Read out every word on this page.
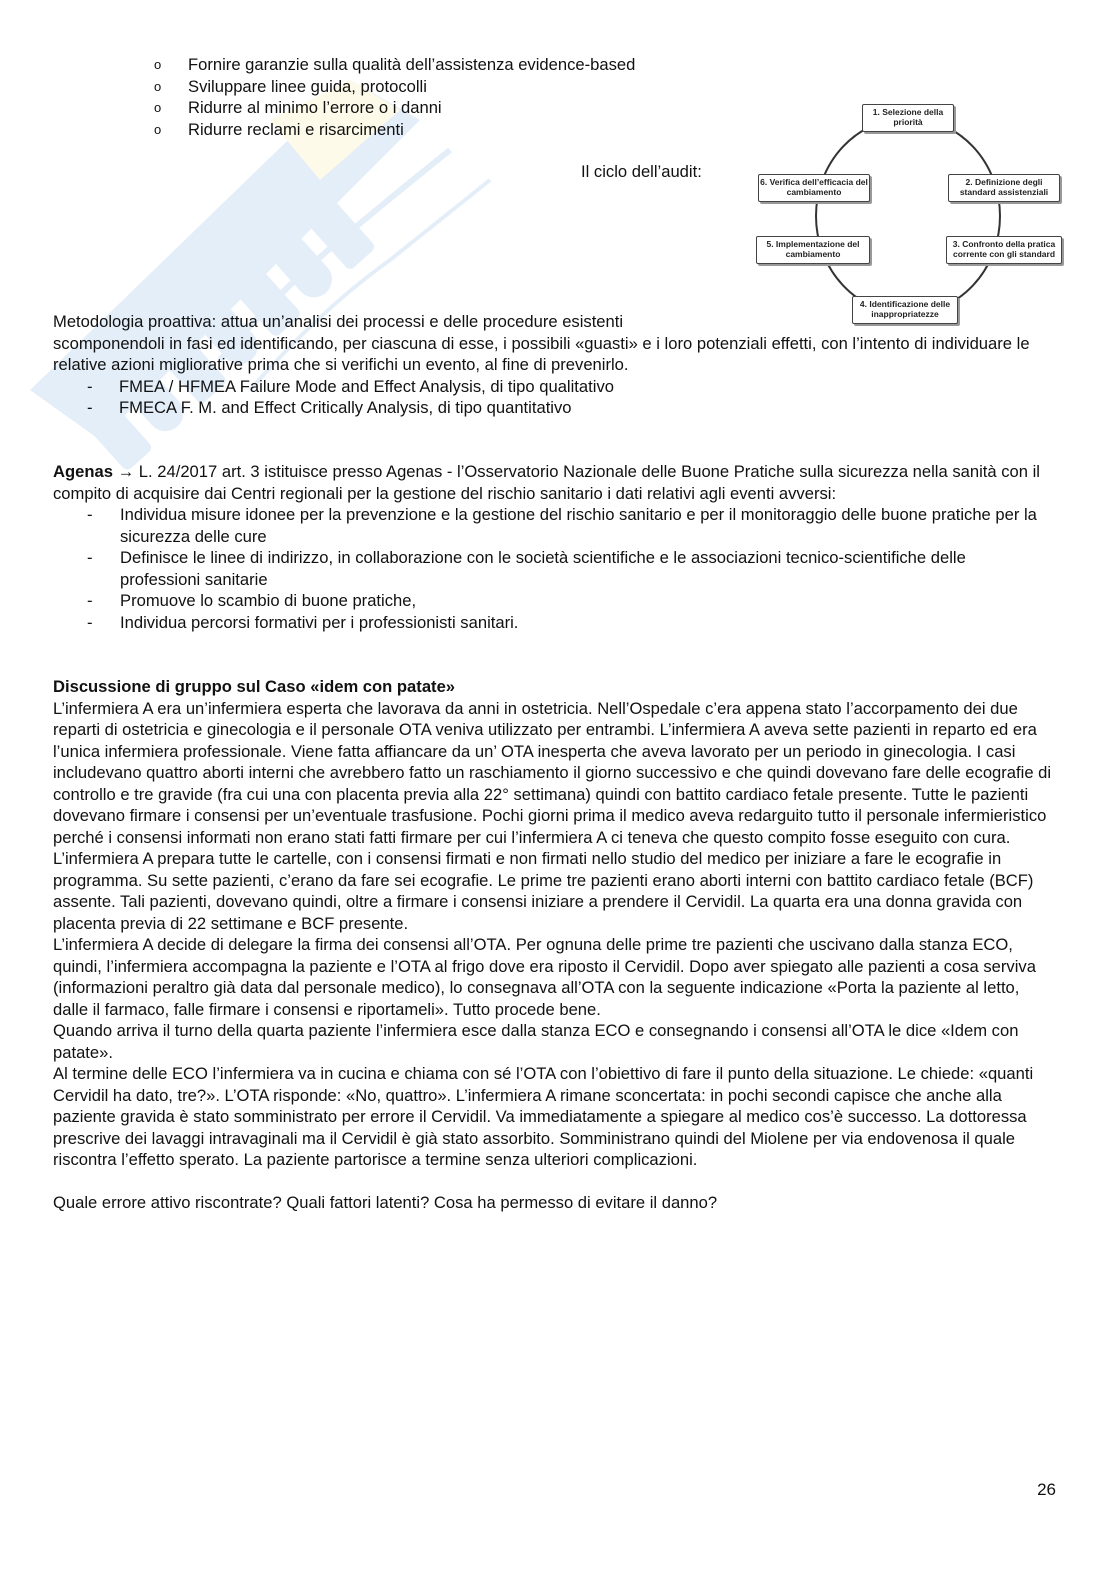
o Fornire garanzie sulla qualità dell’assistenza evidence-based
o Sviluppare linee guida, protocolli
o Ridurre al minimo l’errore o i danni
o Ridurre reclami e risarcimenti
Il ciclo dell’audit:
1. Selezione della priorità
2. Definizione degli standard assistenziali
3. Confronto della pratica corrente con gli standard
4. Identificazione delle inappropriatezze
5. Implementazione del cambiamento
6. Verifica dell’efficacia del cambiamento

Metodologia proattiva: attua un’analisi dei processi e delle procedure esistenti

scomponendoli in fasi ed identificando, per ciascuna di esse, i possibili «guasti» e i loro potenziali effetti, con l’intento di individuare le relative azioni migliorative prima che si verifichi un evento, al fine di prevenirlo.

- FMEA / HFMEA Failure Mode and Effect Analysis, di tipo qualitativo
- FMECA F. M. and Effect Critically Analysis, di tipo quantitativo

Agenas → L. 24/2017 art. 3 istituisce presso Agenas - l’Osservatorio Nazionale delle Buone Pratiche sulla sicurezza nella sanità con il compito di acquisire dai Centri regionali per la gestione del rischio sanitario i dati relativi agli eventi avversi:

- Individua misure idonee per la prevenzione e la gestione del rischio sanitario e per il monitoraggio delle buone pratiche per la sicurezza delle cure
- Definisce le linee di indirizzo, in collaborazione con le società scientifiche e le associazioni tecnico-scientifiche delle professioni sanitarie
- Promuove lo scambio di buone pratiche,
- Individua percorsi formativi per i professionisti sanitari.

Discussione di gruppo sul Caso «idem con patate»

L’infermiera A era un’infermiera esperta che lavorava da anni in ostetricia. Nell’Ospedale c’era appena stato l’accorpamento dei due reparti di ostetricia e ginecologia e il personale OTA veniva utilizzato per entrambi. L’infermiera A aveva sette pazienti in reparto ed era l’unica infermiera professionale. Viene fatta affiancare da un’ OTA inesperta che aveva lavorato per un periodo in ginecologia. I casi includevano quattro aborti interni che avrebbero fatto un raschiamento il giorno successivo e che quindi dovevano fare delle ecografie di controllo e tre gravide (fra cui una con placenta previa alla 22° settimana) quindi con battito cardiaco fetale presente. Tutte le pazienti dovevano firmare i consensi per un’eventuale trasfusione. Pochi giorni prima il medico aveva redarguito tutto il personale infermieristico perché i consensi informati non erano stati fatti firmare per cui l’infermiera A ci teneva che questo compito fosse eseguito con cura. L’infermiera A prepara tutte le cartelle, con i consensi firmati e non firmati nello studio del medico per iniziare a fare le ecografie in programma. Su sette pazienti, c’erano da fare sei ecografie. Le prime tre pazienti erano aborti interni con battito cardiaco fetale (BCF) assente. Tali pazienti, dovevano quindi, oltre a firmare i consensi iniziare a prendere il Cervidil. La quarta era una donna gravida con placenta previa di 22 settimane e BCF presente.

L’infermiera A decide di delegare la firma dei consensi all’OTA. Per ognuna delle prime tre pazienti che uscivano dalla stanza ECO, quindi, l’infermiera accompagna la paziente e l’OTA al frigo dove era riposto il Cervidil. Dopo aver spiegato alle pazienti a cosa serviva (informazioni peraltro già data dal personale medico), lo consegnava all’OTA con la seguente indicazione «Porta la paziente al letto, dalle il farmaco, falle firmare i consensi e riportameli». Tutto procede bene.

Quando arriva il turno della quarta paziente l’infermiera esce dalla stanza ECO e consegnando i consensi all’OTA le dice «Idem con patate».

Al termine delle ECO l’infermiera va in cucina e chiama con sé l’OTA con l’obiettivo di fare il punto della situazione. Le chiede: «quanti Cervidil ha dato, tre?». L’OTA risponde: «No, quattro». L’infermiera A rimane sconcertata: in pochi secondi capisce che anche alla paziente gravida è stato somministrato per errore il Cervidil. Va immediatamente a spiegare al medico cos’è successo. La dottoressa prescrive dei lavaggi intravaginali ma il Cervidil è già stato assorbito. Somministrano quindi del Miolene per via endovenosa il quale riscontra l’effetto sperato. La paziente partorisce a termine senza ulteriori complicazioni.

Quale errore attivo riscontrate? Quali fattori latenti? Cosa ha permesso di evitare il danno?

26
